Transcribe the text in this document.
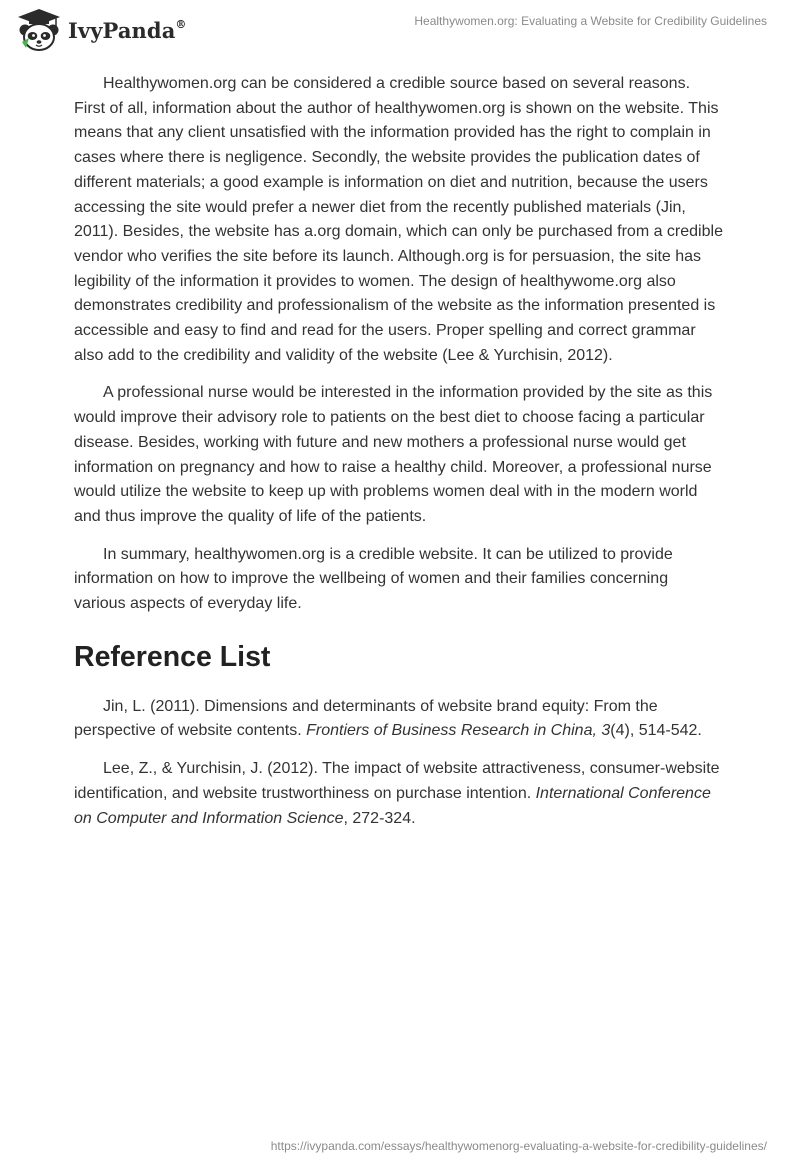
IvyPanda®	Healthywomen.org: Evaluating a Website for Credibility Guidelines

Healthywomen.org can be considered a credible source based on several reasons. First of all, information about the author of healthywomen.org is shown on the website. This means that any client unsatisfied with the information provided has the right to complain in cases where there is negligence. Secondly, the website provides the publication dates of different materials; a good example is information on diet and nutrition, because the users accessing the site would prefer a newer diet from the recently published materials (Jin, 2011). Besides, the website has a.org domain, which can only be purchased from a credible vendor who verifies the site before its launch. Although.org is for persuasion, the site has legibility of the information it provides to women. The design of healthywome.org also demonstrates credibility and professionalism of the website as the information presented is accessible and easy to find and read for the users. Proper spelling and correct grammar also add to the credibility and validity of the website (Lee & Yurchisin, 2012).

A professional nurse would be interested in the information provided by the site as this would improve their advisory role to patients on the best diet to choose facing a particular disease. Besides, working with future and new mothers a professional nurse would get information on pregnancy and how to raise a healthy child. Moreover, a professional nurse would utilize the website to keep up with problems women deal with in the modern world and thus improve the quality of life of the patients.

In summary, healthywomen.org is a credible website. It can be utilized to provide information on how to improve the wellbeing of women and their families concerning various aspects of everyday life.

Reference List

Jin, L. (2011). Dimensions and determinants of website brand equity: From the perspective of website contents. Frontiers of Business Research in China, 3(4), 514-542.

Lee, Z., & Yurchisin, J. (2012). The impact of website attractiveness, consumer-website identification, and website trustworthiness on purchase intention. International Conference on Computer and Information Science, 272-324.

https://ivypanda.com/essays/healthywomenorg-evaluating-a-website-for-credibility-guidelines/
